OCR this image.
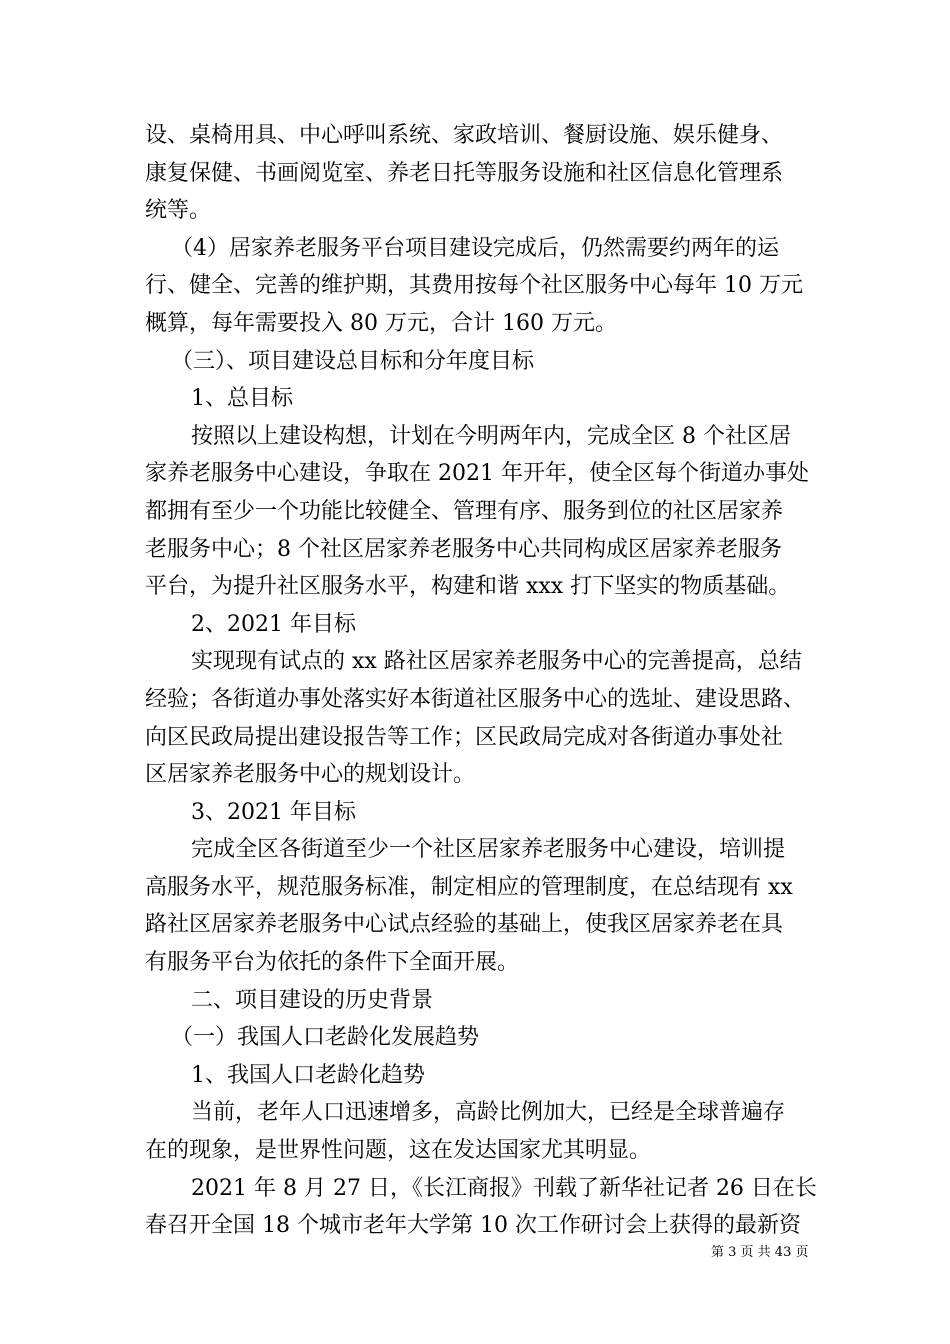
设、桌椅用具、中心呼叫系统、家政培训、餐厨设施、娱乐健身、
康复保健、书画阅览室、养老日托等服务设施和社区信息化管理系
统等。
（4）居家养老服务平台项目建设完成后，仍然需要约两年的运
行、健全、完善的维护期，其费用按每个社区服务中心每年 10 万元
概算，每年需要投入 80 万元，合计 160 万元。
（三）、项目建设总目标和分年度目标
1、总目标
按照以上建设构想，计划在今明两年内，完成全区 8 个社区居
家养老服务中心建设，争取在 2021 年开年，使全区每个街道办事处
都拥有至少一个功能比较健全、管理有序、服务到位的社区居家养
老服务中心；8 个社区居家养老服务中心共同构成区居家养老服务
平台，为提升社区服务水平，构建和谐 xxx 打下坚实的物质基础。
2、2021 年目标
实现现有试点的 xx 路社区居家养老服务中心的完善提高，总结
经验；各街道办事处落实好本街道社区服务中心的选址、建设思路、
向区民政局提出建设报告等工作；区民政局完成对各街道办事处社
区居家养老服务中心的规划设计。
3、2021 年目标
完成全区各街道至少一个社区居家养老服务中心建设，培训提
高服务水平，规范服务标准，制定相应的管理制度，在总结现有 xx
路社区居家养老服务中心试点经验的基础上，使我区居家养老在具
有服务平台为依托的条件下全面开展。
二、项目建设的历史背景
（一）我国人口老龄化发展趋势
1、我国人口老龄化趋势
当前，老年人口迅速增多，高龄比例加大，已经是全球普遍存
在的现象，是世界性问题，这在发达国家尤其明显。
2021 年 8 月 27 日，《长江商报》刊载了新华社记者 26 日在长
春召开全国 18 个城市老年大学第 10 次工作研讨会上获得的最新资
第 3 页 共 43 页
